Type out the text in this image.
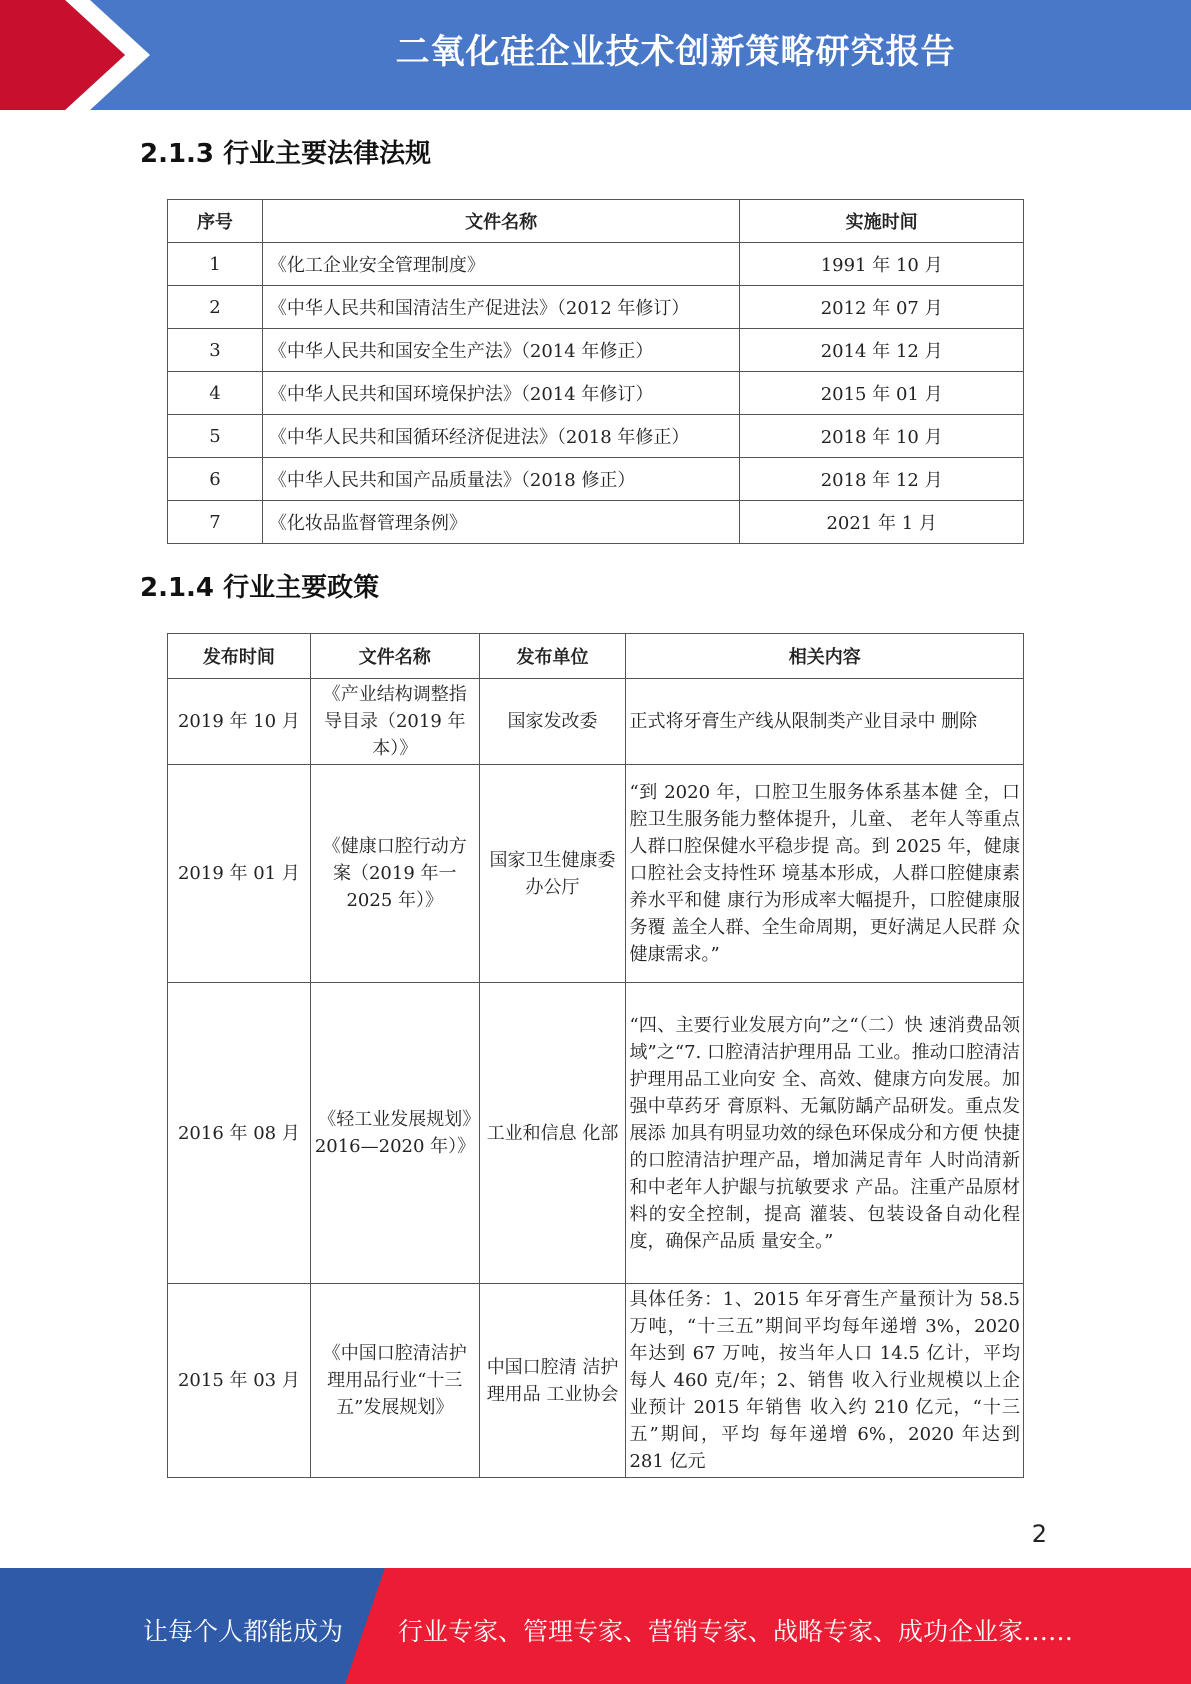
二氧化硅企业技术创新策略研究报告
2.1.3 行业主要法律法规
序号	文件名称	实施时间
1	《化工企业安全管理制度》	1991 年 10 月
2	《中华人民共和国清洁生产促进法》（2012 年修订）	2012 年 07 月
3	《中华人民共和国安全生产法》（2014 年修正）	2014 年 12 月
4	《中华人民共和国环境保护法》（2014 年修订）	2015 年 01 月
5	《中华人民共和国循环经济促进法》（2018 年修正）	2018 年 10 月
6	《中华人民共和国产品质量法》（2018 修正）	2018 年 12 月
7	《化妆品监督管理条例》	2021 年 1 月
2.1.4 行业主要政策
发布时间	文件名称	发布单位	相关内容
2019 年 10 月	《产业结构调整指导目录（2019 年本）》	国家发改委	正式将牙膏生产线从限制类产业目录中 删除
2019 年 01 月	《健康口腔行动方案（2019 年一 2025 年）》	国家卫生健康委办公厅	“到 2020 年，口腔卫生服务体系基本健 全，口腔卫生服务能力整体提升，儿童、 老年人等重点人群口腔保健水平稳步提 高。到 2025 年，健康口腔社会支持性环 境基本形成，人群口腔健康素养水平和健 康行为形成率大幅提升，口腔健康服务覆 盖全人群、全生命周期，更好满足人民群 众健康需求。”
2016 年 08 月	《轻工业发展规划》2016—2020 年）》	工业和信息 化部	“四、主要行业发展方向”之“（二）快 速消费品领域”之“7. 口腔清洁护理用品 工业。推动口腔清洁护理用品工业向安 全、高效、健康方向发展。加强中草药牙 膏原料、无氟防龋产品研发。重点发展添 加具有明显功效的绿色环保成分和方便 快捷的口腔清洁护理产品，增加满足青年 人时尚清新和中老年人护龈与抗敏要求 产品。注重产品原材料的安全控制，提高 灌装、包装设备自动化程度，确保产品质 量安全。”
2015 年 03 月	《中国口腔清洁护理用品行业“十三五”发展规划》	中国口腔清 洁护理用品 工业协会	具体任务：1、2015 年牙膏生产量预计为 58.5 万吨，“十三五”期间平均每年递增 3%，2020 年达到 67 万吨，按当年人口 14.5 亿计，平均每人 460 克/年；2、销售 收入行业规模以上企业预计 2015 年销售 收入约 210 亿元，“十三五”期间，平均 每年递增 6%，2020 年达到 281 亿元
2
让每个人都能成为 行业专家、管理专家、营销专家、战略专家、成功企业家……
